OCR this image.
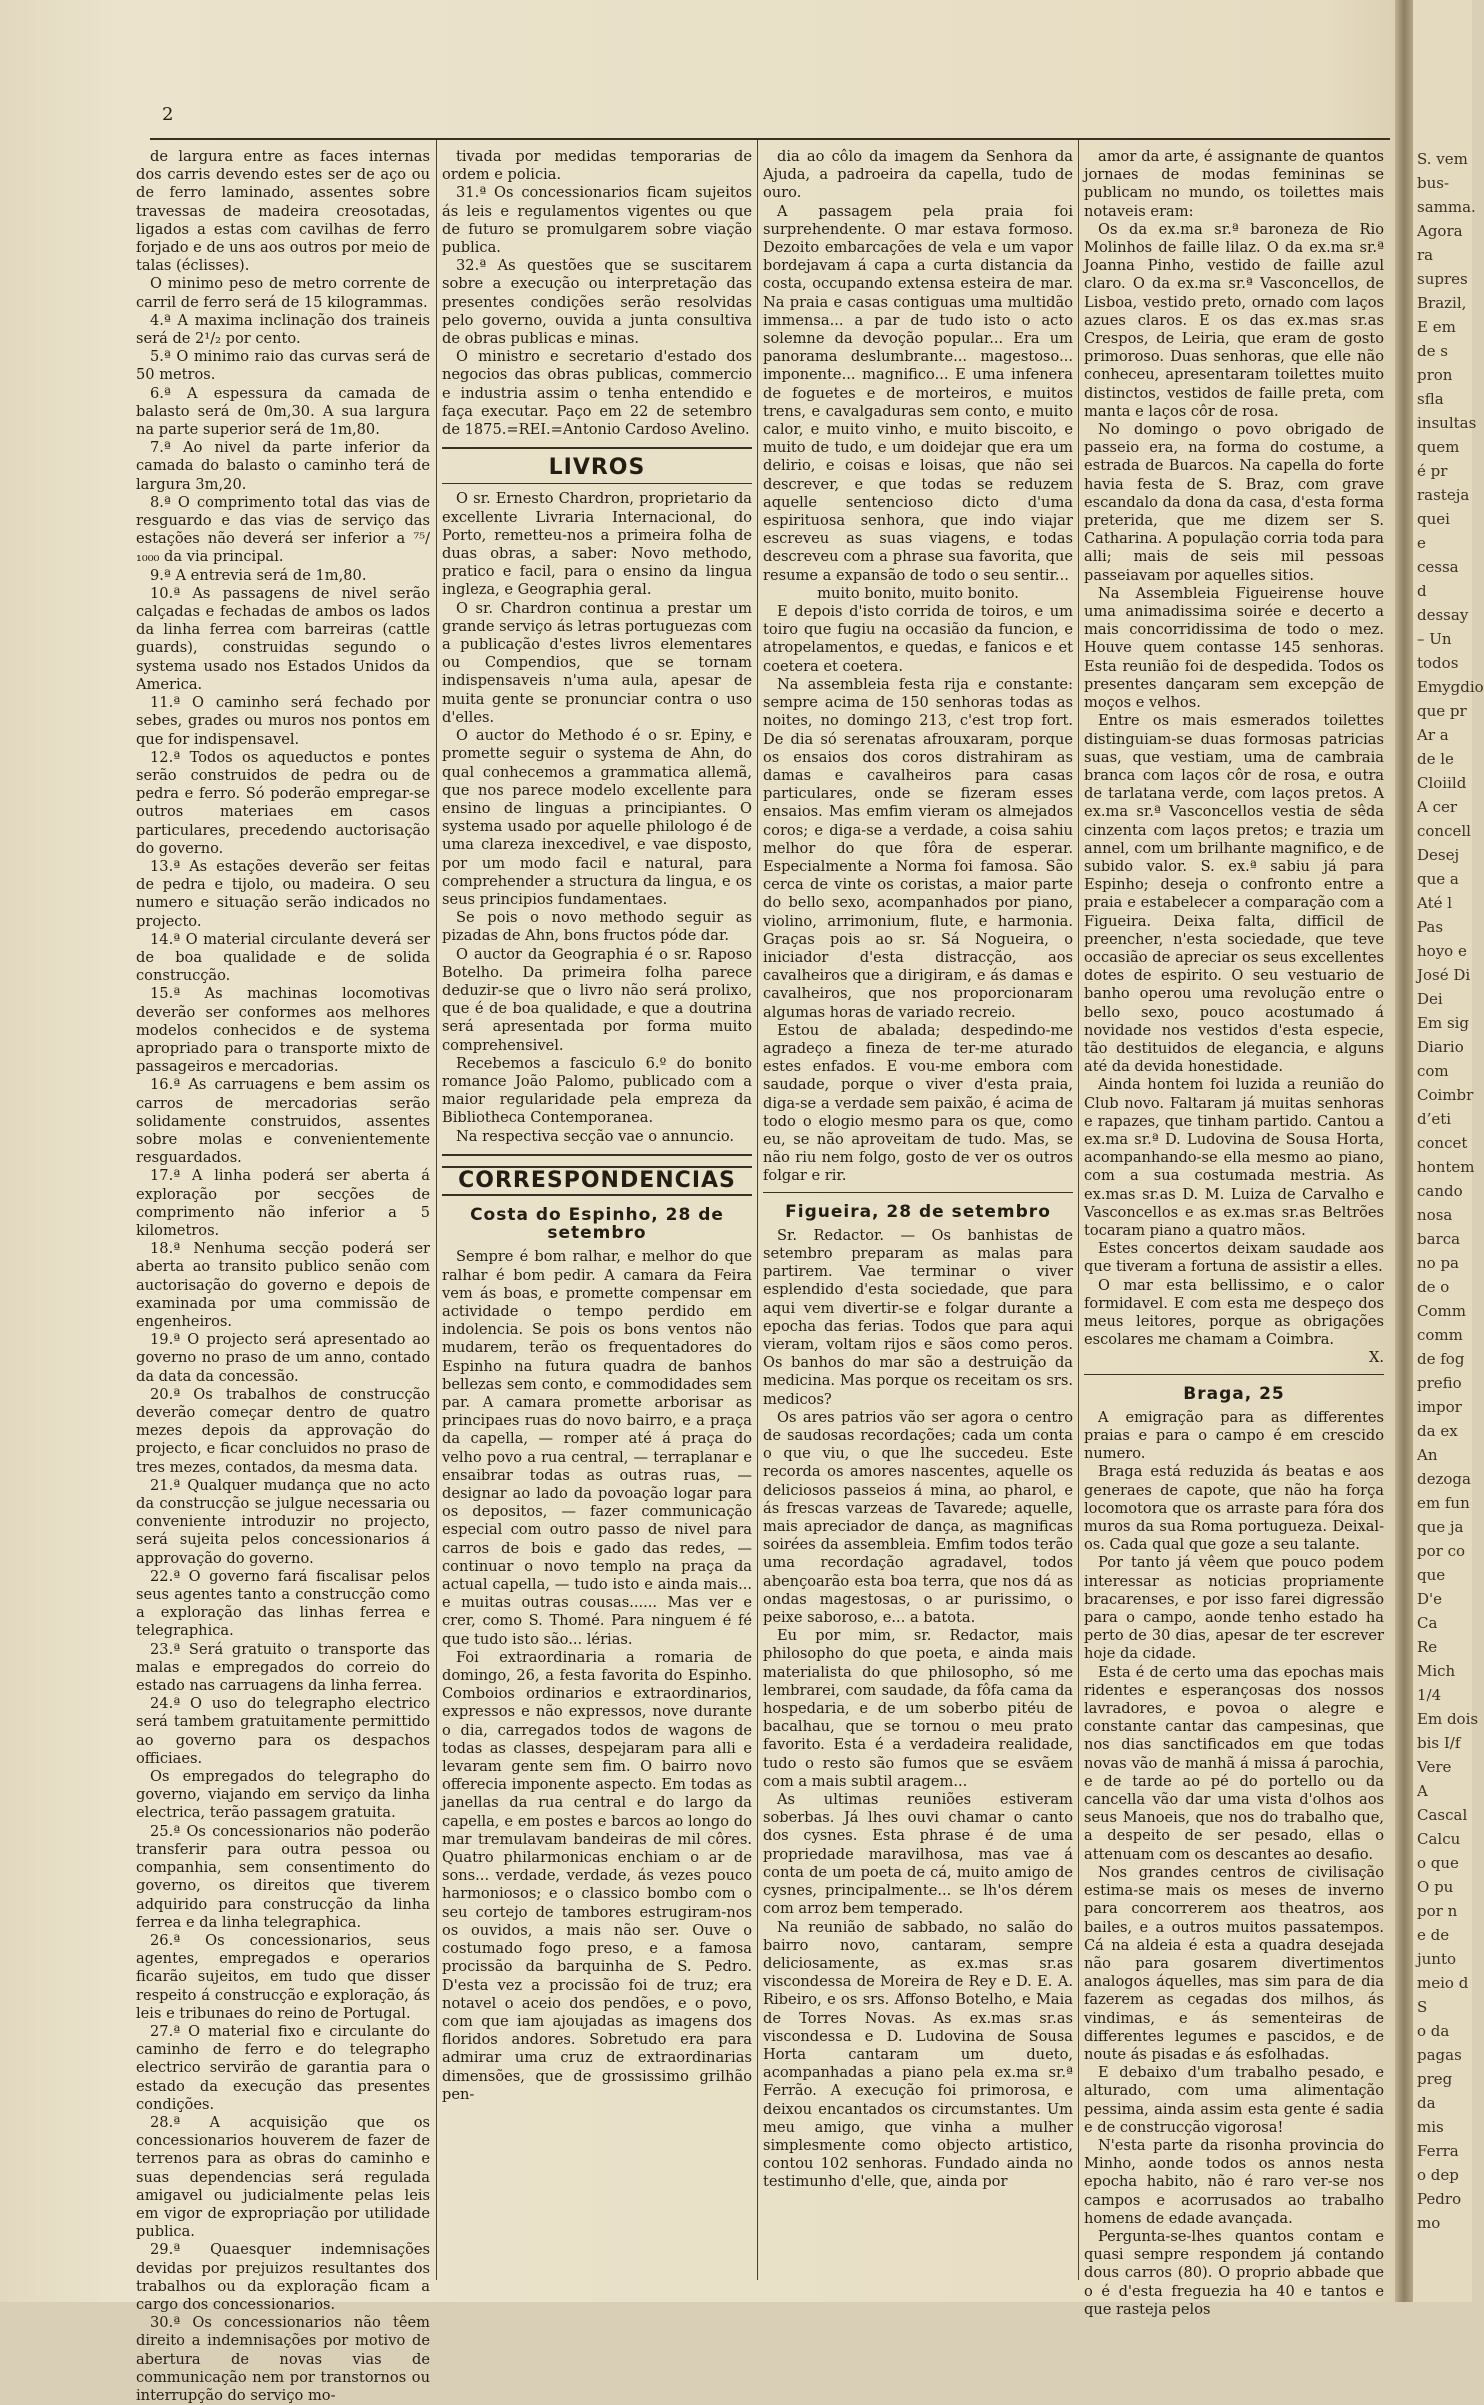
2

de largura entre as faces internas dos carris devendo estes ser de aço ou de ferro laminado, assentes sobre travessas de madeira creosotadas, ligados a estas com cavilhas de ferro forjado e de uns aos outros por meio de talas (éclisses).

O minimo peso de metro corrente de carril de ferro será de 15 kilogrammas.

4.ª A maxima inclinação dos traineis será de 2¹/₂ por cento.

5.ª O minimo raio das curvas será de 50 metros.

6.ª A espessura da camada de balasto será de 0m,30. A sua largura na parte superior será de 1m,80.

7.ª Ao nivel da parte inferior da camada do balasto o caminho terá de largura 3m,20.

8.ª O comprimento total das vias de resguardo e das vias de serviço das estações não deverá ser inferior a ⁷⁵/₁₀₀₀ da via principal.

9.ª A entrevia será de 1m,80.

10.ª As passagens de nivel serão calçadas e fechadas de ambos os lados da linha ferrea com barreiras (cattle guards), construidas segundo o systema usado nos Estados Unidos da America.

11.ª O caminho será fechado por sebes, grades ou muros nos pontos em que for indispensavel.

12.ª Todos os aqueductos e pontes serão construidos de pedra ou de pedra e ferro. Só poderão empregar-se outros materiaes em casos particulares, precedendo auctorisação do governo.

13.ª As estações deverão ser feitas de pedra e tijolo, ou madeira. O seu numero e situação serão indicados no projecto.

14.ª O material circulante deverá ser de boa qualidade e de solida construcção.

15.ª As machinas locomotivas deverão ser conformes aos melhores modelos conhecidos e de systema apropriado para o transporte mixto de passageiros e mercadorias.

16.ª As carruagens e bem assim os carros de mercadorias serão solidamente construidos, assentes sobre molas e convenientemente resguardados.

17.ª A linha poderá ser aberta á exploração por secções de comprimento não inferior a 5 kilometros.

18.ª Nenhuma secção poderá ser aberta ao transito publico senão com auctorisação do governo e depois de examinada por uma commissão de engenheiros.

19.ª O projecto será apresentado ao governo no praso de um anno, contado da data da concessão.

20.ª Os trabalhos de construcção deverão começar dentro de quatro mezes depois da approvação do projecto, e ficar concluidos no praso de tres mezes, contados, da mesma data.

21.ª Qualquer mudança que no acto da construcção se julgue necessaria ou conveniente introduzir no projecto, será sujeita pelos concessionarios á approvação do governo.

22.ª O governo fará fiscalisar pelos seus agentes tanto a construcção como a exploração das linhas ferrea e telegraphica.

23.ª Será gratuito o transporte das malas e empregados do correio do estado nas carruagens da linha ferrea.

24.ª O uso do telegrapho electrico será tambem gratuitamente permittido ao governo para os despachos officiaes.

Os empregados do telegrapho do governo, viajando em serviço da linha electrica, terão passagem gratuita.

25.ª Os concessionarios não poderão transferir para outra pessoa ou companhia, sem consentimento do governo, os direitos que tiverem adquirido para construcção da linha ferrea e da linha telegraphica.

26.ª Os concessionarios, seus agentes, empregados e operarios ficarão sujeitos, em tudo que disser respeito á construcção e exploração, ás leis e tribunaes do reino de Portugal.

27.ª O material fixo e circulante do caminho de ferro e do telegrapho electrico servirão de garantia para o estado da execução das presentes condições.

28.ª A acquisição que os concessionarios houverem de fazer de terrenos para as obras do caminho e suas dependencias será regulada amigavel ou judicialmente pelas leis em vigor de expropriação por utilidade publica.

29.ª Quaesquer indemnisações devidas por prejuizos resultantes dos trabalhos ou da exploração ficam a cargo dos concessionarios.

30.ª Os concessionarios não têem direito a indemnisações por motivo de abertura de novas vias de communicação nem por transtornos ou interrupção do serviço mo-

tivada por medidas temporarias de ordem e policia.

31.ª Os concessionarios ficam sujeitos ás leis e regulamentos vigentes ou que de futuro se promulgarem sobre viação publica.

32.ª As questões que se suscitarem sobre a execução ou interpretação das presentes condições serão resolvidas pelo governo, ouvida a junta consultiva de obras publicas e minas.

O ministro e secretario d'estado dos negocios das obras publicas, commercio e industria assim o tenha entendido e faça executar. Paço em 22 de setembro de 1875.=REI.=Antonio Cardoso Avelino.

LIVROS

O sr. Ernesto Chardron, proprietario da excellente Livraria Internacional, do Porto, remetteu-nos a primeira folha de duas obras, a saber: Novo methodo, pratico e facil, para o ensino da lingua ingleza, e Geographia geral.

O sr. Chardron continua a prestar um grande serviço ás letras portuguezas com a publicação d'estes livros elementares ou Compendios, que se tornam indispensaveis n'uma aula, apesar de muita gente se pronunciar contra o uso d'elles.

O auctor do Methodo é o sr. Epiny, e promette seguir o systema de Ahn, do qual conhecemos a grammatica allemã, que nos parece modelo excellente para ensino de linguas a principiantes. O systema usado por aquelle philologo é de uma clareza inexcedivel, e vae disposto, por um modo facil e natural, para comprehender a structura da lingua, e os seus principios fundamentaes.

Se pois o novo methodo seguir as pizadas de Ahn, bons fructos póde dar.

O auctor da Geographia é o sr. Raposo Botelho. Da primeira folha parece deduzir-se que o livro não será prolixo, que é de boa qualidade, e que a doutrina será apresentada por forma muito comprehensivel.

Recebemos a fasciculo 6.º do bonito romance João Palomo, publicado com a maior regularidade pela empreza da Bibliotheca Contemporanea.

Na respectiva secção vae o annuncio.

CORRESPONDENCIAS
Costa do Espinho, 28 de setembro

Sempre é bom ralhar, e melhor do que ralhar é bom pedir. A camara da Feira vem ás boas, e promette compensar em actividade o tempo perdido em indolencia. Se pois os bons ventos não mudarem, terão os frequentadores do Espinho na futura quadra de banhos bellezas sem conto, e commodidades sem par. A camara promette arborisar as principaes ruas do novo bairro, e a praça da capella, — romper até á praça do velho povo a rua central, — terraplanar e ensaibrar todas as outras ruas, — designar ao lado da povoação logar para os depositos, — fazer communicação especial com outro passo de nivel para carros de bois e gado das redes, — continuar o novo templo na praça da actual capella, — tudo isto e ainda mais... e muitas outras cousas...... Mas ver e crer, como S. Thomé. Para ninguem é fé que tudo isto são... lérias.

Foi extraordinaria a romaria de domingo, 26, a festa favorita do Espinho. Comboios ordinarios e extraordinarios, expressos e não expressos, nove durante o dia, carregados todos de wagons de todas as classes, despejaram para alli e levaram gente sem fim. O bairro novo offerecia imponente aspecto. Em todas as janellas da rua central e do largo da capella, e em postes e barcos ao longo do mar tremulavam bandeiras de mil côres. Quatro philarmonicas enchiam o ar de sons... verdade, verdade, ás vezes pouco harmoniosos; e o classico bombo com o seu cortejo de tambores estrugiram-nos os ouvidos, a mais não ser. Ouve o costumado fogo preso, e a famosa procissão da barquinha de S. Pedro. D'esta vez a procissão foi de truz; era notavel o aceio dos pendões, e o povo, com que iam ajoujadas as imagens dos floridos andores. Sobretudo era para admirar uma cruz de extraordinarias dimensões, que de grossissimo grilhão pen-

dia ao côlo da imagem da Senhora da Ajuda, a padroeira da capella, tudo de ouro.

A passagem pela praia foi surprehendente. O mar estava formoso. Dezoito embarcações de vela e um vapor bordejavam á capa a curta distancia da costa, occupando extensa esteira de mar. Na praia e casas contiguas uma multidão immensa... a par de tudo isto o acto solemne da devoção popular... Era um panorama deslumbrante... magestoso... imponente... magnifico... E uma infenera de foguetes e de morteiros, e muitos trens, e cavalgaduras sem conto, e muito calor, e muito vinho, e muito biscoito, e muito de tudo, e um doidejar que era um delirio, e coisas e loisas, que não sei descrever, e que todas se reduzem aquelle sentencioso dicto d'uma espirituosa senhora, que indo viajar escreveu as suas viagens, e todas descreveu com a phrase sua favorita, que resume a expansão de todo o seu sentir...

muito bonito, muito bonito.

E depois d'isto corrida de toiros, e um toiro que fugiu na occasião da funcion, e atropelamentos, e quedas, e fanicos e et coetera et coetera.

Na assembleia festa rija e constante: sempre acima de 150 senhoras todas as noites, no domingo 213, c'est trop fort. De dia só serenatas afrouxaram, porque os ensaios dos coros distrahiram as damas e cavalheiros para casas particulares, onde se fizeram esses ensaios. Mas emfim vieram os almejados coros; e diga-se a verdade, a coisa sahiu melhor do que fôra de esperar. Especialmente a Norma foi famosa. São cerca de vinte os coristas, a maior parte do bello sexo, acompanhados por piano, violino, arrimonium, flute, e harmonia. Graças pois ao sr. Sá Nogueira, o iniciador d'esta distracção, aos cavalheiros que a dirigiram, e ás damas e cavalheiros, que nos proporcionaram algumas horas de variado recreio.

Estou de abalada; despedindo-me agradeço a fineza de ter-me aturado estes enfados. E vou-me embora com saudade, porque o viver d'esta praia, diga-se a verdade sem paixão, é acima de todo o elogio mesmo para os que, como eu, se não aproveitam de tudo. Mas, se não riu nem folgo, gosto de ver os outros folgar e rir.

Figueira, 28 de setembro

Sr. Redactor. — Os banhistas de setembro preparam as malas para partirem. Vae terminar o viver esplendido d'esta sociedade, que para aqui vem divertir-se e folgar durante a epocha das ferias. Todos que para aqui vieram, voltam rijos e sãos como peros. Os banhos do mar são a destruição da medicina. Mas porque os receitam os srs. medicos?

Os ares patrios vão ser agora o centro de saudosas recordações; cada um conta o que viu, o que lhe succedeu. Este recorda os amores nascentes, aquelle os deliciosos passeios á mina, ao pharol, e ás frescas varzeas de Tavarede; aquelle, mais apreciador de dança, as magnificas soirées da assembleia. Emfim todos terão uma recordação agradavel, todos abençoarão esta boa terra, que nos dá as ondas magestosas, o ar purissimo, o peixe saboroso, e... a batota.

Eu por mim, sr. Redactor, mais philosopho do que poeta, e ainda mais materialista do que philosopho, só me lembrarei, com saudade, da fôfa cama da hospedaria, e de um soberbo pitéu de bacalhau, que se tornou o meu prato favorito. Esta é a verdadeira realidade, tudo o resto são fumos que se esvãem com a mais subtil aragem...

As ultimas reuniões estiveram soberbas. Já lhes ouvi chamar o canto dos cysnes. Esta phrase é de uma propriedade maravilhosa, mas vae á conta de um poeta de cá, muito amigo de cysnes, principalmente... se lh'os dérem com arroz bem temperado.

Na reunião de sabbado, no salão do bairro novo, cantaram, sempre deliciosamente, as ex.mas sr.as viscondessa de Moreira de Rey e D. E. A. Ribeiro, e os srs. Affonso Botelho, e Maia de Torres Novas. As ex.mas sr.as viscondessa e D. Ludovina de Sousa Horta cantaram um dueto, acompanhadas a piano pela ex.ma sr.ª Ferrão. A execução foi primorosa, e deixou encantados os circumstantes. Um meu amigo, que vinha a mulher simplesmente como objecto artistico, contou 102 senhoras. Fundado ainda no testimunho d'elle, que, ainda por

amor da arte, é assignante de quantos jornaes de modas femininas se publicam no mundo, os toilettes mais notaveis eram:

Os da ex.ma sr.ª baroneza de Rio Molinhos de faille lilaz. O da ex.ma sr.ª Joanna Pinho, vestido de faille azul claro. O da ex.ma sr.ª Vasconcellos, de Lisboa, vestido preto, ornado com laços azues claros. E os das ex.mas sr.as Crespos, de Leiria, que eram de gosto primoroso. Duas senhoras, que elle não conheceu, apresentaram toilettes muito distinctos, vestidos de faille preta, com manta e laços côr de rosa.

No domingo o povo obrigado de passeio era, na forma do costume, a estrada de Buarcos. Na capella do forte havia festa de S. Braz, com grave escandalo da dona da casa, d'esta forma preterida, que me dizem ser S. Catharina. A população corria toda para alli; mais de seis mil pessoas passeiavam por aquelles sitios.

Na Assembleia Figueirense houve uma animadissima soirée e decerto a mais concorridissima de todo o mez. Houve quem contasse 145 senhoras. Esta reunião foi de despedida. Todos os presentes dançaram sem excepção de moços e velhos.

Entre os mais esmerados toilettes distinguiam-se duas formosas patricias suas, que vestiam, uma de cambraia branca com laços côr de rosa, e outra de tarlatana verde, com laços pretos. A ex.ma sr.ª Vasconcellos vestia de sêda cinzenta com laços pretos; e trazia um annel, com um brilhante magnifico, e de subido valor. S. ex.ª sabiu já para Espinho; deseja o confronto entre a praia e estabelecer a comparação com a Figueira. Deixa falta, difficil de preencher, n'esta sociedade, que teve occasião de apreciar os seus excellentes dotes de espirito. O seu vestuario de banho operou uma revolução entre o bello sexo, pouco acostumado á novidade nos vestidos d'esta especie, tão destituidos de elegancia, e alguns até da devida honestidade.

Ainda hontem foi luzida a reunião do Club novo. Faltaram já muitas senhoras e rapazes, que tinham partido. Cantou a ex.ma sr.ª D. Ludovina de Sousa Horta, acompanhando-se ella mesmo ao piano, com a sua costumada mestria. As ex.mas sr.as D. M. Luiza de Carvalho e Vasconcellos e as ex.mas sr.as Beltrões tocaram piano a quatro mãos.

Estes concertos deixam saudade aos que tiveram a fortuna de assistir a elles.

O mar esta bellissimo, e o calor formidavel. E com esta me despeço dos meus leitores, porque as obrigações escolares me chamam a Coimbra.

X.
Braga, 25

A emigração para as differentes praias e para o campo é em crescido numero.

Braga está reduzida ás beatas e aos generaes de capote, que não ha força locomotora que os arraste para fóra dos muros da sua Roma portugueza. Deixal-os. Cada qual que goze a seu talante.

Por tanto já vêem que pouco podem interessar as noticias propriamente bracarenses, e por isso farei digressão para o campo, aonde tenho estado ha perto de 30 dias, apesar de ter escrever hoje da cidade.

Esta é de certo uma das epochas mais ridentes e esperançosas dos nossos lavradores, e povoa o alegre e constante cantar das campesinas, que nos dias sanctificados em que todas novas vão de manhã á missa á parochia, e de tarde ao pé do portello ou da cancella vão dar uma vista d'olhos aos seus Manoeis, que nos do trabalho que, a despeito de ser pesado, ellas o attenuam com os descantes ao desafio.

Nos grandes centros de civilisação estima-se mais os meses de inverno para concorrerem aos theatros, aos bailes, e a outros muitos passatempos. Cá na aldeia é esta a quadra desejada não para gosarem divertimentos analogos áquelles, mas sim para de dia fazerem as cegadas dos milhos, ás vindimas, e ás sementeiras de differentes legumes e pascidos, e de noute ás pisadas e ás esfolhadas.

E debaixo d'um trabalho pesado, e alturado, com uma alimentação pessima, ainda assim esta gente é sadia e de construcção vigorosa!

N'esta parte da risonha provincia do Minho, aonde todos os annos nesta epocha habito, não é raro ver-se nos campos e acorrusados ao trabalho homens de edade avançada.

Pergunta-se-lhes quantos contam e quasi sempre respondem já contando dous carros (80). O proprio abbade que o é d'esta freguezia ha 40 e tantos e que rasteja pelos

S. vem
bus-
samma.
Agora
ra
supres
Brazil,
E em
de s
pron
sfla
insultas
quem
é pr
rasteja
quei
e
cessa
d
dessay
– Un
todos
Emygdio
que pr
Ar a
de le
Cloiild
A cer
concell
Desej
que a
Até l
Pas
hoyo e
José Di
Dei
Em sig
Diario
com
Coimbr
d’eti
concet
hontem
cando
nosa
barca
no pa
de o
Comm
comm
de fog
prefio
impor
da ex
An
dezoga
em fun
que ja
por co
que
D'e
Ca
Re
Mich
1/4
Em dois
bis I/f
Vere
A
Cascal
Calcu
o que
O pu
por n
e de
junto
meio d
S
o da
pagas
preg
da
mis
Ferra
o dep
Pedro
mo
